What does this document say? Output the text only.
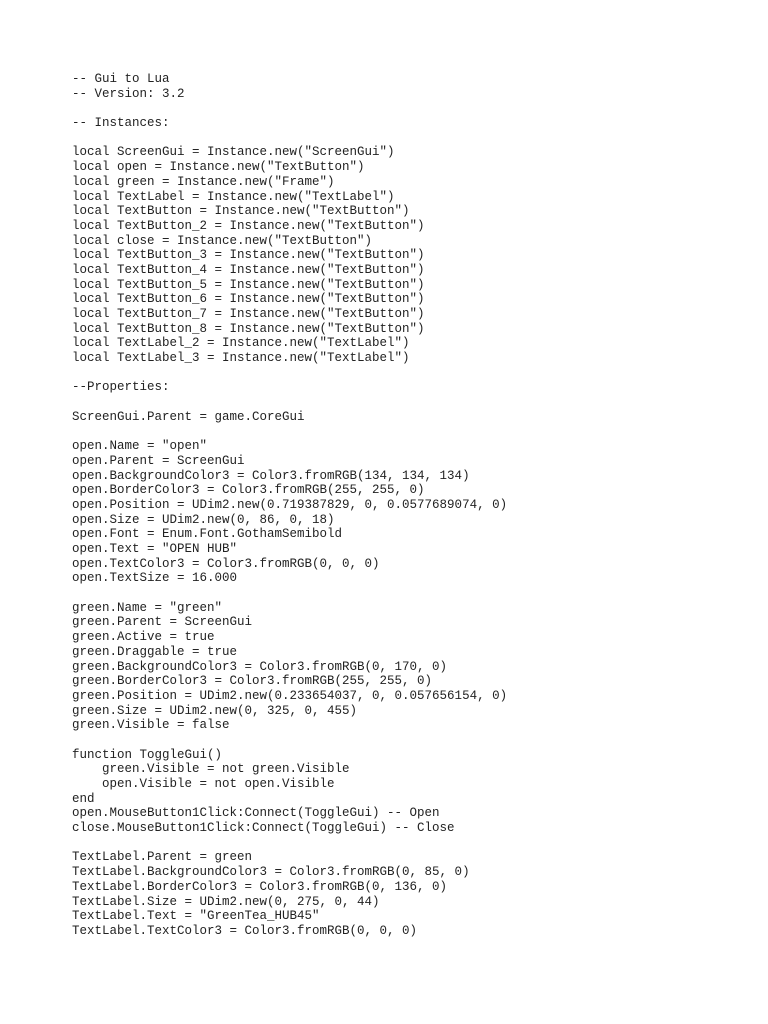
-- Gui to Lua
-- Version: 3.2
-- Instances:
local ScreenGui = Instance.new("ScreenGui")
local open = Instance.new("TextButton")
local green = Instance.new("Frame")
local TextLabel = Instance.new("TextLabel")
local TextButton = Instance.new("TextButton")
local TextButton_2 = Instance.new("TextButton")
local close = Instance.new("TextButton")
local TextButton_3 = Instance.new("TextButton")
local TextButton_4 = Instance.new("TextButton")
local TextButton_5 = Instance.new("TextButton")
local TextButton_6 = Instance.new("TextButton")
local TextButton_7 = Instance.new("TextButton")
local TextButton_8 = Instance.new("TextButton")
local TextLabel_2 = Instance.new("TextLabel")
local TextLabel_3 = Instance.new("TextLabel")
--Properties:
ScreenGui.Parent = game.CoreGui
open.Name = "open"
open.Parent = ScreenGui
open.BackgroundColor3 = Color3.fromRGB(134, 134, 134)
open.BorderColor3 = Color3.fromRGB(255, 255, 0)
open.Position = UDim2.new(0.719387829, 0, 0.0577689074, 0)
open.Size = UDim2.new(0, 86, 0, 18)
open.Font = Enum.Font.GothamSemibold
open.Text = "OPEN HUB"
open.TextColor3 = Color3.fromRGB(0, 0, 0)
open.TextSize = 16.000
green.Name = "green"
green.Parent = ScreenGui
green.Active = true
green.Draggable = true
green.BackgroundColor3 = Color3.fromRGB(0, 170, 0)
green.BorderColor3 = Color3.fromRGB(255, 255, 0)
green.Position = UDim2.new(0.233654037, 0, 0.057656154, 0)
green.Size = UDim2.new(0, 325, 0, 455)
green.Visible = false
function ToggleGui()
green.Visible = not green.Visible
open.Visible = not open.Visible
end
open.MouseButton1Click:Connect(ToggleGui) -- Open
close.MouseButton1Click:Connect(ToggleGui) -- Close
TextLabel.Parent = green
TextLabel.BackgroundColor3 = Color3.fromRGB(0, 85, 0)
TextLabel.BorderColor3 = Color3.fromRGB(0, 136, 0)
TextLabel.Size = UDim2.new(0, 275, 0, 44)
TextLabel.Text = "GreenTea_HUB45"
TextLabel.TextColor3 = Color3.fromRGB(0, 0, 0)
